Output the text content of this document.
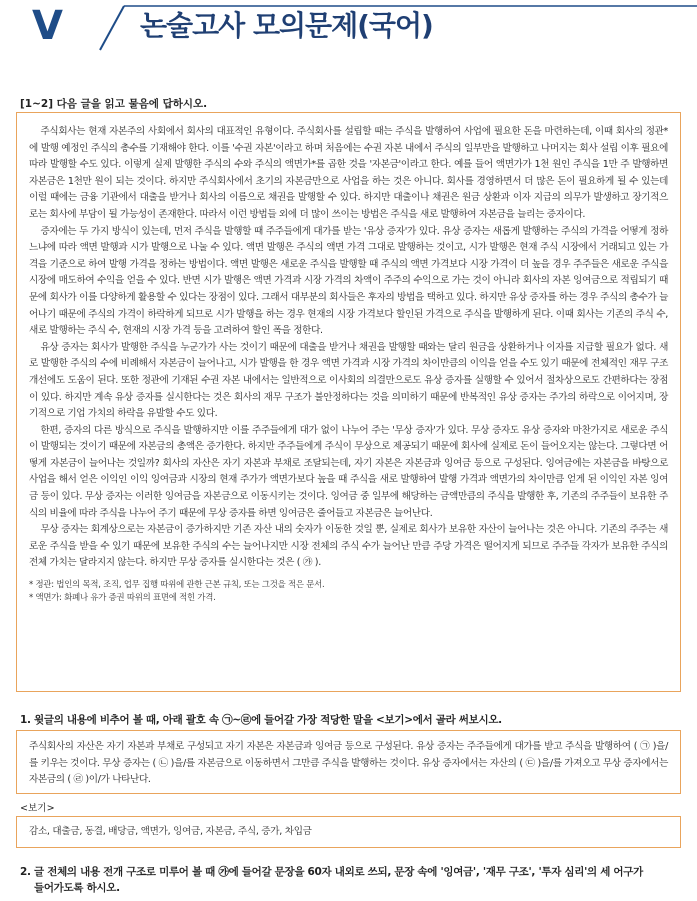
V	논술고사 모의문제(국어)
[1~2] 다음 글을 읽고 물음에 답하시오.

주식회사는 현재 자본주의 사회에서 회사의 대표적인 유형이다. 주식회사를 설립할 때는 주식을 발행하여 사업에 필요한 돈을 마련하는데, 이때 회사의 정관*에 발행 예정인 주식의 총수를 기재해야 한다. 이를 '수권 자본'이라고 하며 처음에는 수권 자본 내에서 주식의 일부만을 발행하고 나머지는 회사 설립 이후 필요에 따라 발행할 수도 있다. 이렇게 실제 발행한 주식의 수와 주식의 액면가*를 곱한 것을 '자본금'이라고 한다. 예를 들어 액면가가 1천 원인 주식을 1만 주 발행하면 자본금은 1천만 원이 되는 것이다. 하지만 주식회사에서 초기의 자본금만으로 사업을 하는 것은 아니다. 회사를 경영하면서 더 많은 돈이 필요하게 될 수 있는데 이럴 때에는 금융 기관에서 대출을 받거나 회사의 이름으로 채권을 발행할 수 있다. 하지만 대출이나 채권은 원금 상환과 이자 지급의 의무가 발생하고 장기적으로는 회사에 부담이 될 가능성이 존재한다. 따라서 이런 방법들 외에 더 많이 쓰이는 방법은 주식을 새로 발행하여 자본금을 늘리는 증자이다.

증자에는 두 가지 방식이 있는데, 먼저 주식을 발행할 때 주주들에게 대가를 받는 '유상 증자'가 있다. 유상 증자는 새롭게 발행하는 주식의 가격을 어떻게 정하느냐에 따라 액면 발행과 시가 발행으로 나눌 수 있다. 액면 발행은 주식의 액면 가격 그대로 발행하는 것이고, 시가 발행은 현재 주식 시장에서 거래되고 있는 가격을 기준으로 하여 발행 가격을 정하는 방법이다. 액면 발행은 새로운 주식을 발행할 때 주식의 액면 가격보다 시장 가격이 더 높을 경우 주주들은 새로운 주식을 시장에 매도하여 수익을 얻을 수 있다. 반면 시가 발행은 액면 가격과 시장 가격의 차액이 주주의 수익으로 가는 것이 아니라 회사의 자본 잉여금으로 적립되기 때문에 회사가 이를 다양하게 활용할 수 있다는 장점이 있다. 그래서 대부분의 회사들은 후자의 방법을 택하고 있다. 하지만 유상 증자를 하는 경우 주식의 총수가 늘어나기 때문에 주식의 가격이 하락하게 되므로 시가 발행을 하는 경우 현재의 시장 가격보다 할인된 가격으로 주식을 발행하게 된다. 이때 회사는 기존의 주식 수, 새로 발행하는 주식 수, 현재의 시장 가격 등을 고려하여 할인 폭을 정한다.

유상 증자는 회사가 발행한 주식을 누군가가 사는 것이기 때문에 대출을 받거나 채권을 발행할 때와는 달리 원금을 상환하거나 이자를 지급할 필요가 없다. 새로 발행한 주식의 수에 비례해서 자본금이 늘어나고, 시가 발행을 한 경우 액면 가격과 시장 가격의 차이만큼의 이익을 얻을 수도 있기 때문에 전체적인 재무 구조 개선에도 도움이 된다. 또한 정관에 기재된 수권 자본 내에서는 일반적으로 이사회의 의결만으로도 유상 증자를 실행할 수 있어서 절차상으로도 간편하다는 장점이 있다. 하지만 계속 유상 증자를 실시한다는 것은 회사의 재무 구조가 불안정하다는 것을 의미하기 때문에 반복적인 유상 증자는 주가의 하락으로 이어지며, 장기적으로 기업 가치의 하락을 유발할 수도 있다.

한편, 증자의 다른 방식으로 주식을 발행하지만 이를 주주들에게 대가 없이 나누어 주는 '무상 증자'가 있다. 무상 증자도 유상 증자와 마찬가지로 새로운 주식이 발행되는 것이기 때문에 자본금의 총액은 증가한다. 하지만 주주들에게 주식이 무상으로 제공되기 때문에 회사에 실제로 돈이 들어오지는 않는다. 그렇다면 어떻게 자본금이 늘어나는 것일까? 회사의 자산은 자기 자본과 부채로 조달되는데, 자기 자본은 자본금과 잉여금 등으로 구성된다. 잉여금에는 자본금을 바탕으로 사업을 해서 얻은 이익인 이익 잉여금과 시장의 현재 주가가 액면가보다 높을 때 주식을 새로 발행하여 발행 가격과 액면가의 차이만큼 얻게 된 이익인 자본 잉여금 등이 있다. 무상 증자는 이러한 잉여금을 자본금으로 이동시키는 것이다. 잉여금 중 일부에 해당하는 금액만큼의 주식을 발행한 후, 기존의 주주들이 보유한 주식의 비율에 따라 주식을 나누어 주기 때문에 무상 증자를 하면 잉여금은 줄어들고 자본금은 늘어난다.

무상 증자는 회계상으로는 자본금이 증가하지만 기존 자산 내의 숫자가 이동한 것일 뿐, 실제로 회사가 보유한 자산이 늘어나는 것은 아니다. 기존의 주주는 새로운 주식을 받을 수 있기 때문에 보유한 주식의 수는 늘어나지만 시장 전체의 주식 수가 늘어난 만큼 주당 가격은 떨어지게 되므로 주주들 각자가 보유한 주식의 전체 가치는 달라지지 않는다. 하지만 무상 증자를 실시한다는 것은 ( ㉮ ).

* 정관: 법인의 목적, 조직, 업무 집행 따위에 관한 근본 규칙, 또는 그것을 적은 문서.

* 액면가: 화폐나 유가 증권 따위의 표면에 적힌 가격.

1. 윗글의 내용에 비추어 볼 때, 아래 괄호 속 ㉠~㉣에 들어갈 가장 적당한 말을 <보기>에서 골라 써보시오.

주식회사의 자산은 자기 자본과 부채로 구성되고 자기 자본은 자본금과 잉여금 등으로 구성된다. 유상 증자는 주주들에게 대가를 받고 주식을 발행하여 ( ㉠ )을/를 키우는 것이다. 무상 증자는 ( ㉡ )을/를 자본금으로 이동하면서 그만큼 주식을 발행하는 것이다. 유상 증자에서는 자산의 ( ㉢ )을/를 가져오고 무상 증자에서는 자본금의 ( ㉣ )이/가 나타난다.

<보기>

감소, 대출금, 동결, 배당금, 액면가, 잉여금, 자본금, 주식, 증가, 차입금

2. 글 전체의 내용 전개 구조로 미루어 볼 때 ㉮에 들어갈 문장을 60자 내외로 쓰되, 문장 속에 '잉여금', '재무 구조', '투자 심리'의 세 어구가
들어가도록 하시오.
